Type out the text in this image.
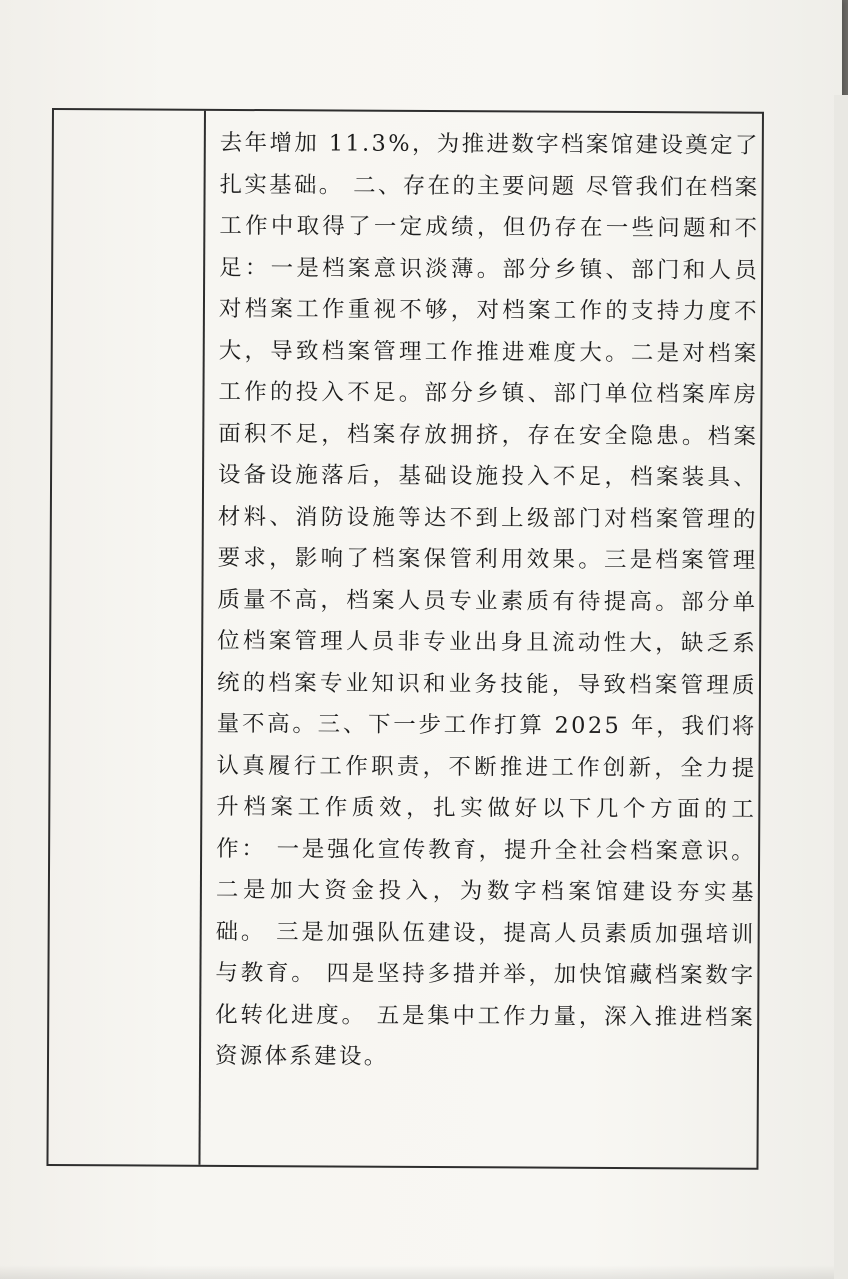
去年增加 11.3%，为推进数字档案馆建设奠定了扎实基础。 二、存在的主要问题 尽管我们在档案工作中取得了一定成绩，但仍存在一些问题和不足：一是档案意识淡薄。部分乡镇、部门和人员对档案工作重视不够，对档案工作的支持力度不大，导致档案管理工作推进难度大。二是对档案工作的投入不足。部分乡镇、部门单位档案库房面积不足，档案存放拥挤，存在安全隐患。档案设备设施落后，基础设施投入不足，档案装具、材料、消防设施等达不到上级部门对档案管理的要求，影响了档案保管利用效果。三是档案管理质量不高，档案人员专业素质有待提高。部分单位档案管理人员非专业出身且流动性大，缺乏系统的档案专业知识和业务技能，导致档案管理质量不高。三、下一步工作打算 2025 年，我们将认真履行工作职责，不断推进工作创新，全力提升档案工作质效，扎实做好以下几个方面的工作： 一是强化宣传教育，提升全社会档案意识。 二是加大资金投入，为数字档案馆建设夯实基础。 三是加强队伍建设，提高人员素质加强培训与教育。 四是坚持多措并举，加快馆藏档案数字化转化进度。 五是集中工作力量，深入推进档案资源体系建设。
